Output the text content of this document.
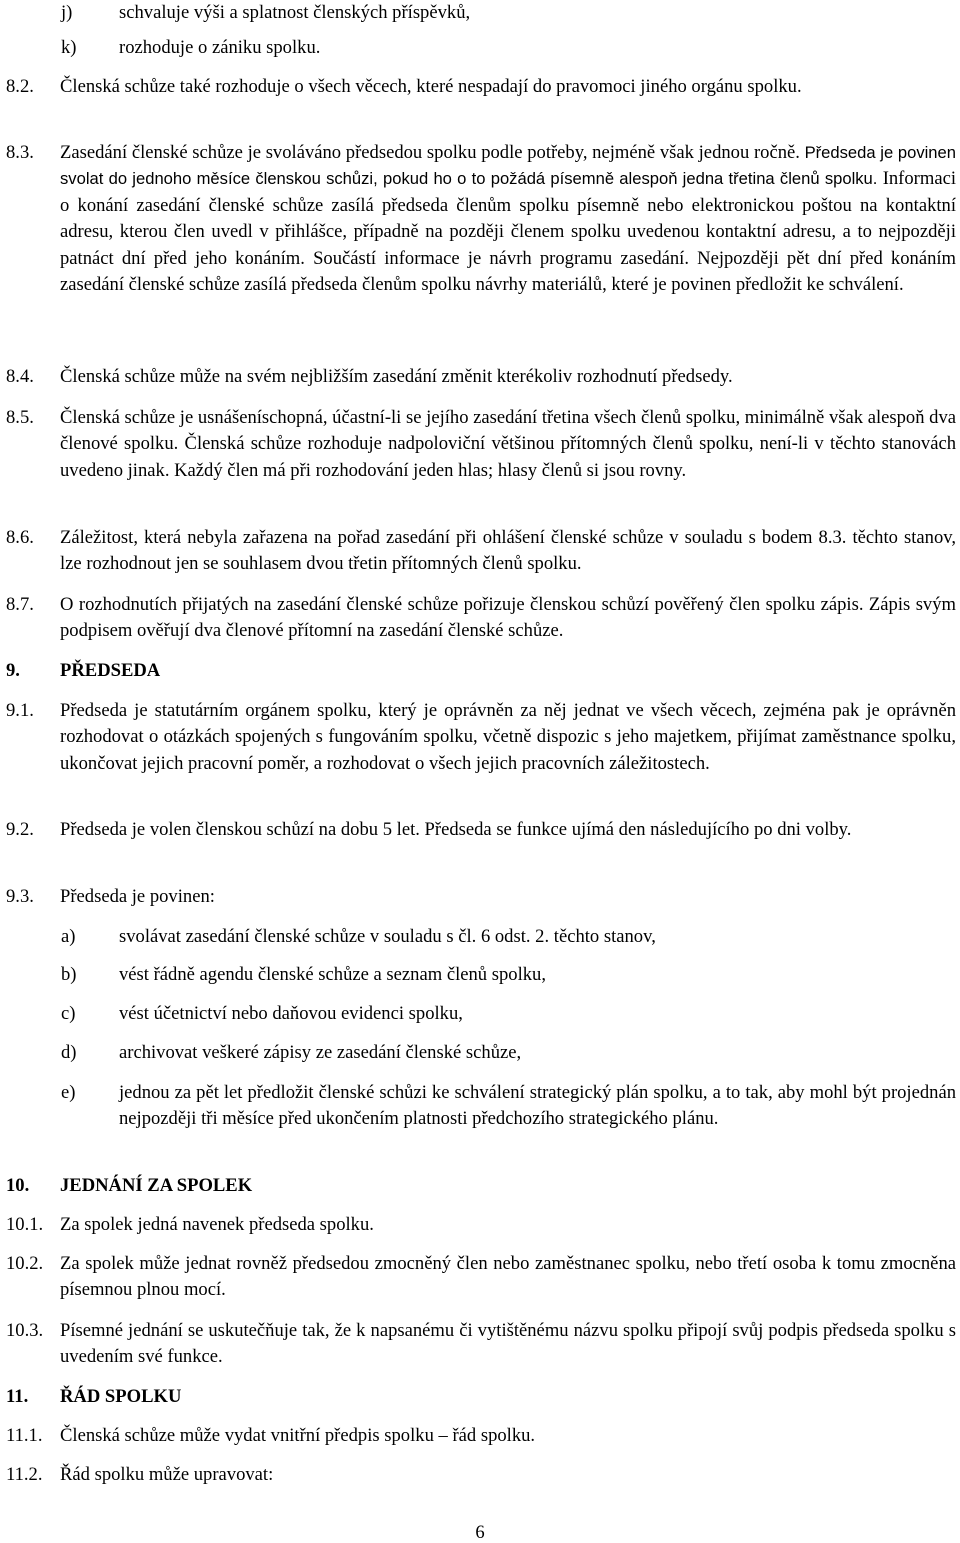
j)	schvaluje výši a splatnost členských příspěvků,
k)	rozhoduje o zániku spolku.
8.2.	Členská schůze také rozhoduje o všech věcech, které nespadají do pravomoci jiného orgánu spolku.
8.3.	Zasedání členské schůze je svoláváno předsedou spolku podle potřeby, nejméně však jednou ročně. Předseda je povinen svolat do jednoho měsíce členskou schůzi, pokud ho o to požádá písemně alespoň jedna třetina členů spolku. Informaci o konání zasedání členské schůze zasílá předseda členům spolku písemně nebo elektronickou poštou na kontaktní adresu, kterou člen uvedl v přihlášce, případně na později členem spolku uvedenou kontaktní adresu, a to nejpozději patnáct dní před jeho konáním. Součástí informace je návrh programu zasedání. Nejpozději pět dní před konáním zasedání členské schůze zasílá předseda členům spolku návrhy materiálů, které je povinen předložit ke schválení.
8.4.	Členská schůze může na svém nejbližším zasedání změnit kterékoliv rozhodnutí předsedy.
8.5.	Členská schůze je usnášeníschopná, účastní-li se jejího zasedání třetina všech členů spolku, minimálně však alespoň dva členové spolku. Členská schůze rozhoduje nadpoloviční většinou přítomných členů spolku, není-li v těchto stanovách uvedeno jinak. Každý člen má při rozhodování jeden hlas; hlasy členů si jsou rovny.
8.6.	Záležitost, která nebyla zařazena na pořad zasedání při ohlášení členské schůze v souladu s bodem 8.3. těchto stanov, lze rozhodnout jen se souhlasem dvou třetin přítomných členů spolku.
8.7.	O rozhodnutích přijatých na zasedání členské schůze pořizuje členskou schůzí pověřený člen spolku zápis. Zápis svým podpisem ověřují dva členové přítomní na zasedání členské schůze.
9.	PŘEDSEDA
9.1.	Předseda je statutárním orgánem spolku, který je oprávněn za něj jednat ve všech věcech, zejména pak je oprávněn rozhodovat o otázkách spojených s fungováním spolku, včetně dispozic s jeho majetkem, přijímat zaměstnance spolku, ukončovat jejich pracovní poměr, a rozhodovat o všech jejich pracovních záležitostech.
9.2.	Předseda je volen členskou schůzí na dobu 5 let. Předseda se funkce ujímá den následujícího po dni volby.
9.3.	Předseda je povinen:
a)	svolávat zasedání členské schůze v souladu s čl. 6 odst. 2. těchto stanov,
b)	vést řádně agendu členské schůze a seznam členů spolku,
c)	vést účetnictví nebo daňovou evidenci spolku,
d)	archivovat veškeré zápisy ze zasedání členské schůze,
e)	jednou za pět let předložit členské schůzi ke schválení strategický plán spolku, a to tak, aby mohl být projednán nejpozději tři měsíce před ukončením platnosti předchozího strategického plánu.
10.	JEDNÁNÍ ZA SPOLEK
10.1. Za spolek jedná navenek předseda spolku.
10.2. Za spolek může jednat rovněž předsedou zmocněný člen nebo zaměstnanec spolku, nebo třetí osoba k tomu zmocněna písemnou plnou mocí.
10.3. Písemné jednání se uskutečňuje tak, že k napsanému či vytištěnému názvu spolku připojí svůj podpis předseda spolku s uvedením své funkce.
11.	ŘÁD SPOLKU
11.1. Členská schůze může vydat vnitřní předpis spolku – řád spolku.
11.2. Řád spolku může upravovat:
6
